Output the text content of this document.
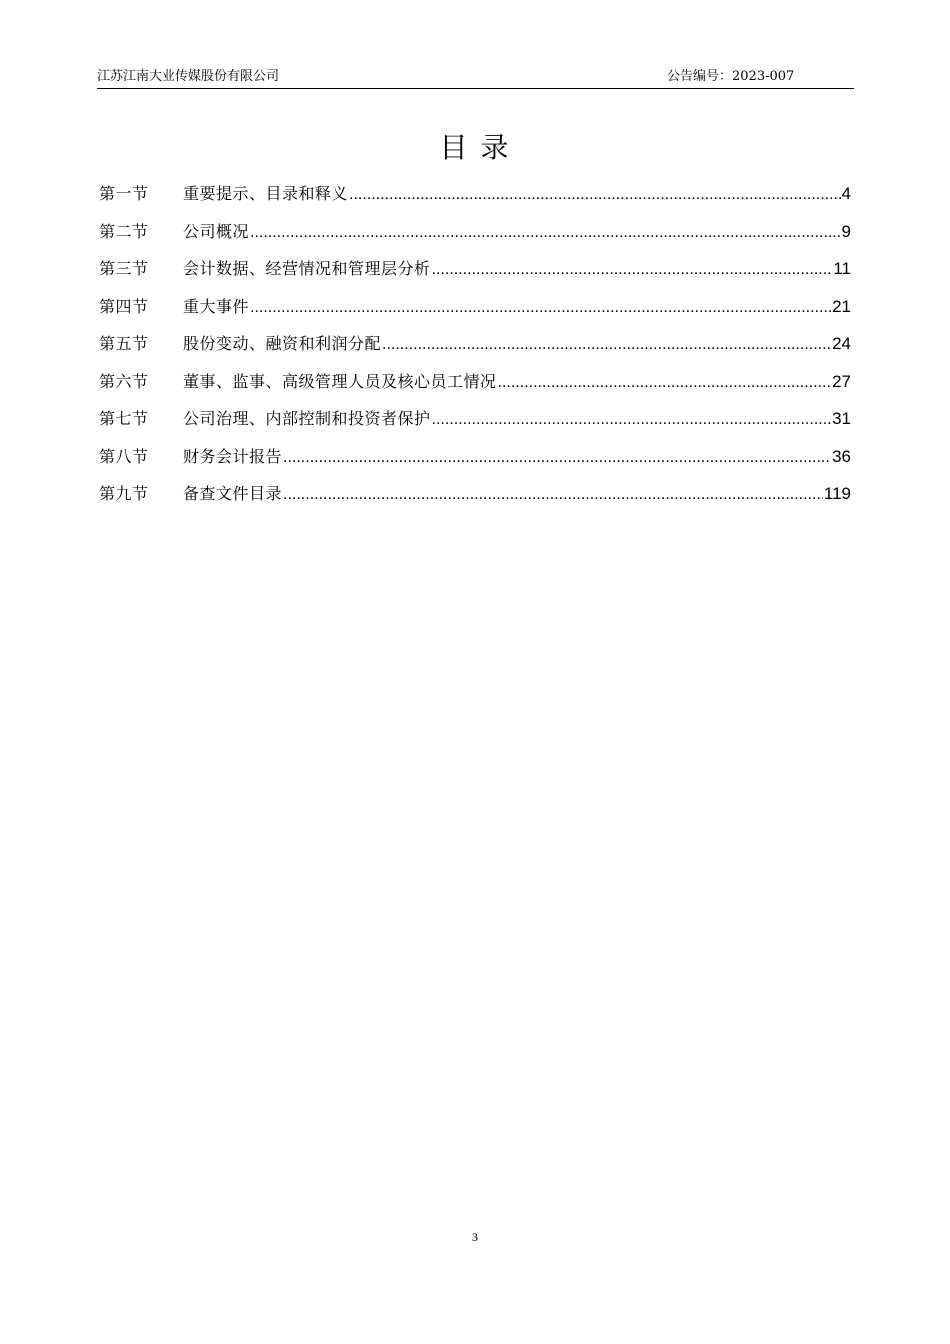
江苏江南大业传媒股份有限公司	公告编号：2023-007
目 录
第一节	重要提示、目录和释义 .....	4
第二节	公司概况 .....	9
第三节	会计数据、经营情况和管理层分析 .....	11
第四节	重大事件 .....	21
第五节	股份变动、融资和利润分配 .....	24
第六节	董事、监事、高级管理人员及核心员工情况 .....	27
第七节	公司治理、内部控制和投资者保护 .....	31
第八节	财务会计报告 .....	36
第九节	备查文件目录 .....	119
3
